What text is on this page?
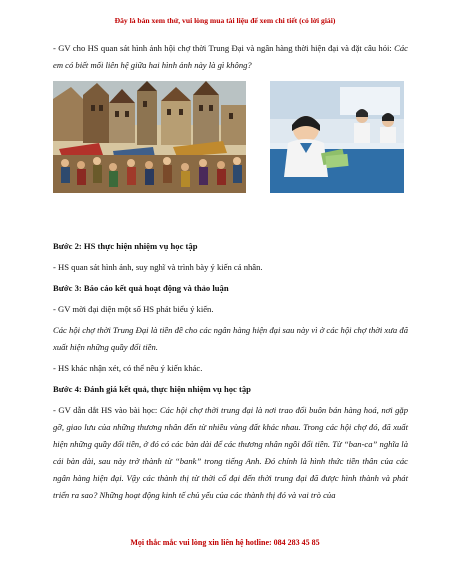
Đây là bản xem thử, vui lòng mua tài liệu để xem chi tiết (có lời giải)

- GV cho HS quan sát hình ảnh hội chợ thời Trung Đại và ngân hàng thời hiện đại và đặt câu hỏi: Các em có biết mối liên hệ giữa hai hình ảnh này là gì không?

Bước 2: HS thực hiện nhiệm vụ học tập

- HS quan sát hình ảnh, suy nghĩ và trình bày ý kiến cá nhân.

Bước 3: Báo cáo kết quả hoạt động và thảo luận

- GV mời đại diện một số HS phát biểu ý kiến.

Các hội chợ thời Trung Đại là tiền đề cho các ngân hàng hiện đại sau này vì ở các hội chợ thời xưa đã xuất hiện những quầy đổi tiền.

- HS khác nhận xét, có thể nêu ý kiến khác.

Bước 4: Đánh giá kết quả, thực hiện nhiệm vụ học tập

- GV dẫn dắt HS vào bài học: Các hội chợ thời trung đại là nơi trao đổi buôn bán hàng hoá, nơi gặp gỡ, giao lưu của những thương nhân đến từ nhiều vùng đất khác nhau. Trong các hội chợ đó, đã xuất hiện những quầy đổi tiền, ở đó có các bàn dài để các thương nhân ngồi đổi tiền. Từ “ban-ca” nghĩa là cái bàn dài, sau này trở thành từ “bank” trong tiếng Anh. Đó chính là hình thức tiền thân của các ngân hàng hiện đại. Vậy các thành thị từ thời cổ đại đến thời trung đại đã được hình thành và phát triển ra sao? Những hoạt động kinh tế chủ yếu của các thành thị đó và vai trò của

Mọi thắc mắc vui lòng xin liên hệ hotline: 084 283 45 85
